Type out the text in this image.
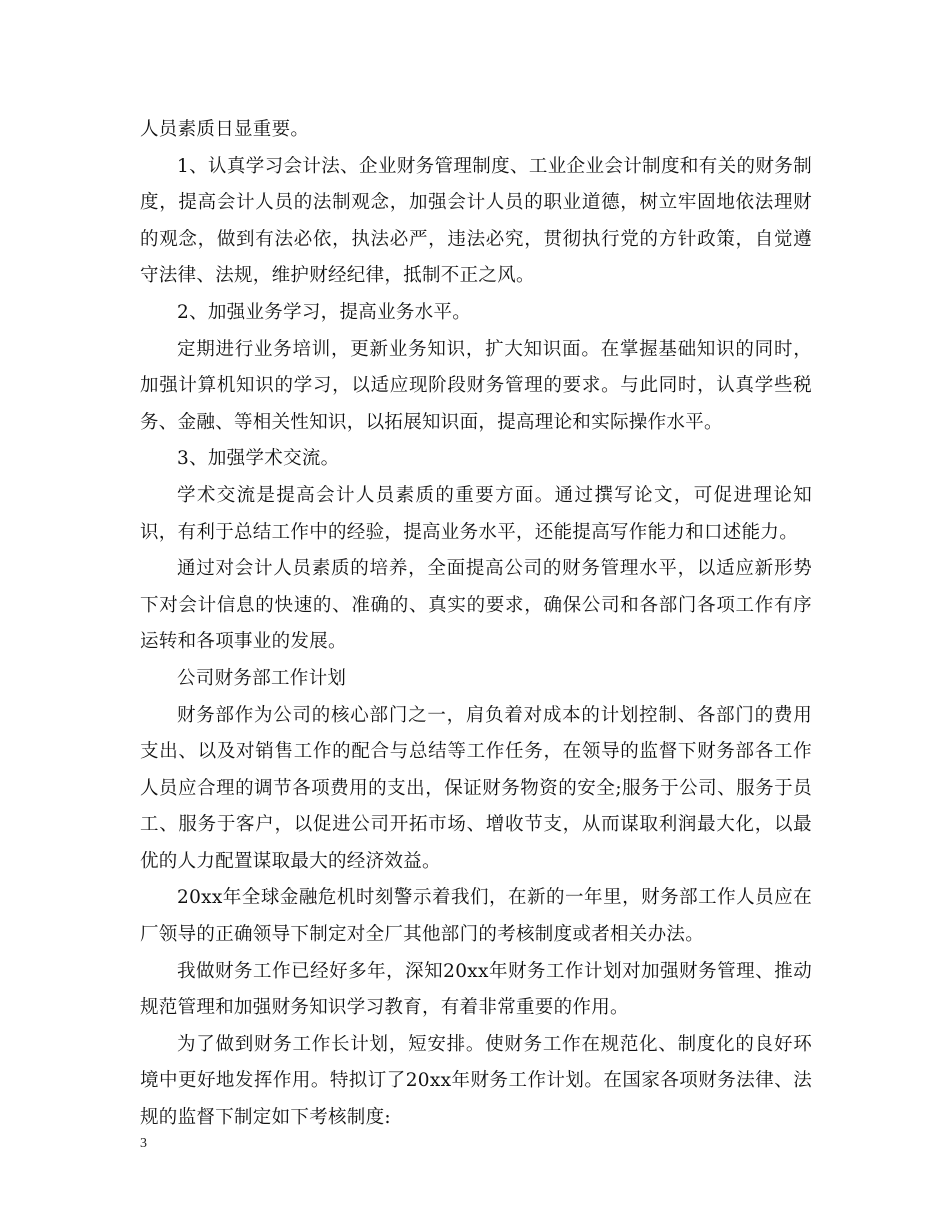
人员素质日显重要。

1、认真学习会计法、企业财务管理制度、工业企业会计制度和有关的财务制度，提高会计人员的法制观念，加强会计人员的职业道德，树立牢固地依法理财的观念，做到有法必依，执法必严，违法必究，贯彻执行党的方针政策，自觉遵守法律、法规，维护财经纪律，抵制不正之风。

2、加强业务学习，提高业务水平。

定期进行业务培训，更新业务知识，扩大知识面。在掌握基础知识的同时，加强计算机知识的学习，以适应现阶段财务管理的要求。与此同时，认真学些税务、金融、等相关性知识，以拓展知识面，提高理论和实际操作水平。

3、加强学术交流。

学术交流是提高会计人员素质的重要方面。通过撰写论文，可促进理论知识，有利于总结工作中的经验，提高业务水平，还能提高写作能力和口述能力。

通过对会计人员素质的培养，全面提高公司的财务管理水平，以适应新形势下对会计信息的快速的、准确的、真实的要求，确保公司和各部门各项工作有序运转和各项事业的发展。

公司财务部工作计划

财务部作为公司的核心部门之一，肩负着对成本的计划控制、各部门的费用支出、以及对销售工作的配合与总结等工作任务，在领导的监督下财务部各工作人员应合理的调节各项费用的支出，保证财务物资的安全;服务于公司、服务于员工、服务于客户，以促进公司开拓市场、增收节支，从而谋取利润最大化，以最优的人力配置谋取最大的经济效益。

20xx年全球金融危机时刻警示着我们，在新的一年里，财务部工作人员应在厂领导的正确领导下制定对全厂其他部门的考核制度或者相关办法。

我做财务工作已经好多年，深知20xx年财务工作计划对加强财务管理、推动规范管理和加强财务知识学习教育，有着非常重要的作用。

为了做到财务工作长计划，短安排。使财务工作在规范化、制度化的良好环境中更好地发挥作用。特拟订了20xx年财务工作计划。在国家各项财务法律、法规的监督下制定如下考核制度:

3
